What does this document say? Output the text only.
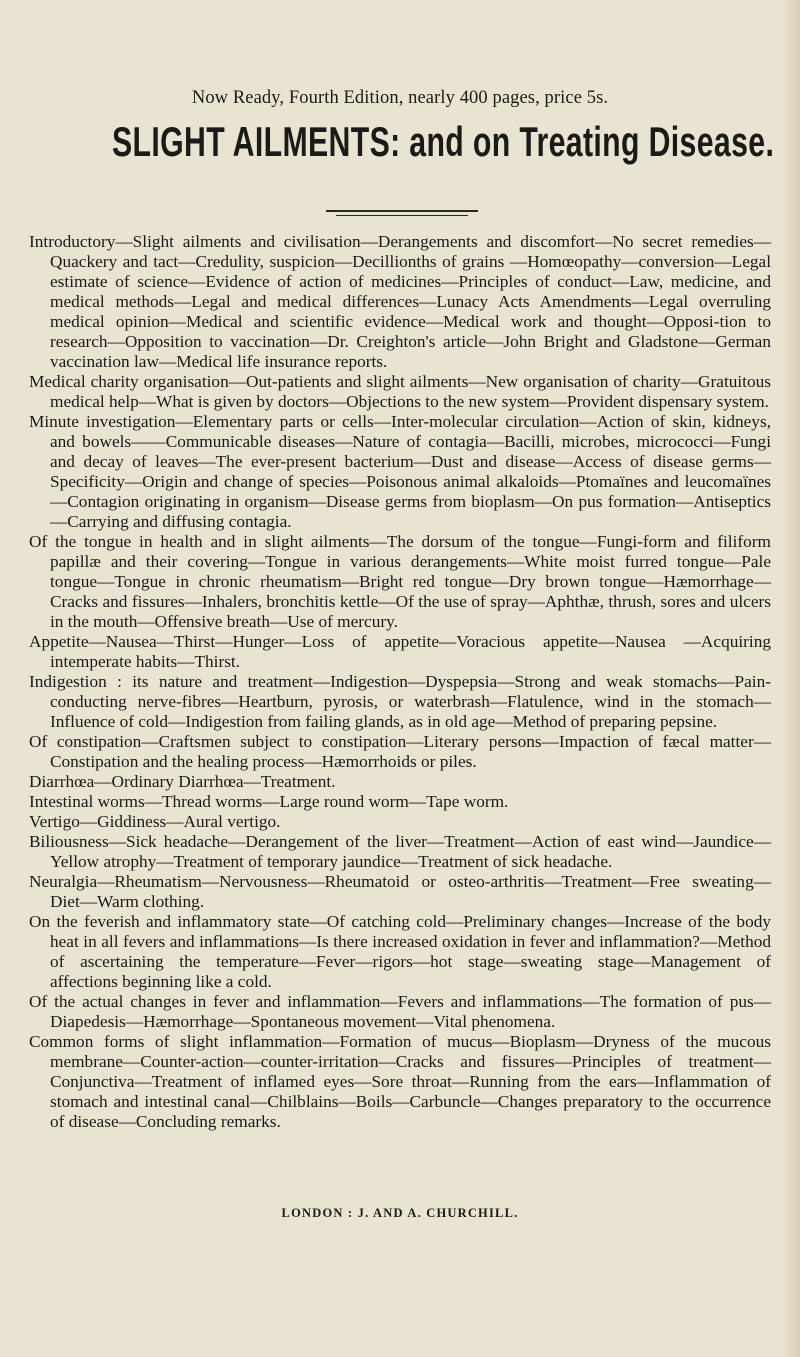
Now Ready, Fourth Edition, nearly 400 pages, price 5s.
SLIGHT AILMENTS: and on Treating Disease.

Introductory—Slight ailments and civilisation—Derangements and discomfort—No secret remedies—Quackery and tact—Credulity, suspicion—Decillionths of grains —Homœopathy—conversion—Legal estimate of science—Evidence of action of medicines—Principles of conduct—Law, medicine, and medical methods—Legal and medical differences—Lunacy Acts Amendments—Legal overruling medical opinion—Medical and scientific evidence—Medical work and thought—Opposi-tion to research—Opposition to vaccination—Dr. Creighton's article—John Bright and Gladstone—German vaccination law—Medical life insurance reports.

Medical charity organisation—Out-patients and slight ailments—New organisation of charity—Gratuitous medical help—What is given by doctors—Objections to the new system—Provident dispensary system.

Minute investigation—Elementary parts or cells—Inter-molecular circulation—Action of skin, kidneys, and bowels——Communicable diseases—Nature of contagia—Bacilli, microbes, micrococci—Fungi and decay of leaves—The ever-present bacterium—Dust and disease—Access of disease germs—Specificity—Origin and change of species—Poisonous animal alkaloids—Ptomaïnes and leucomaïnes—Contagion originating in organism—Disease germs from bioplasm—On pus formation—Antiseptics—Carrying and diffusing contagia.

Of the tongue in health and in slight ailments—The dorsum of the tongue—Fungi-form and filiform papillæ and their covering—Tongue in various derangements—White moist furred tongue—Pale tongue—Tongue in chronic rheumatism—Bright red tongue—Dry brown tongue—Hæmorrhage—Cracks and fissures—Inhalers, bronchitis kettle—Of the use of spray—Aphthæ, thrush, sores and ulcers in the mouth—Offensive breath—Use of mercury.

Appetite—Nausea—Thirst—Hunger—Loss of appetite—Voracious appetite—Nausea —Acquiring intemperate habits—Thirst.

Indigestion : its nature and treatment—Indigestion—Dyspepsia—Strong and weak stomachs—Pain-conducting nerve-fibres—Heartburn, pyrosis, or waterbrash—Flatulence, wind in the stomach—Influence of cold—Indigestion from failing glands, as in old age—Method of preparing pepsine.

Of constipation—Craftsmen subject to constipation—Literary persons—Impaction of fæcal matter—Constipation and the healing process—Hæmorrhoids or piles.

Diarrhœa—Ordinary Diarrhœa—Treatment.

Intestinal worms—Thread worms—Large round worm—Tape worm.

Vertigo—Giddiness—Aural vertigo.

Biliousness—Sick headache—Derangement of the liver—Treatment—Action of east wind—Jaundice—Yellow atrophy—Treatment of temporary jaundice—Treatment of sick headache.

Neuralgia—Rheumatism—Nervousness—Rheumatoid or osteo-arthritis—Treatment—Free sweating—Diet—Warm clothing.

On the feverish and inflammatory state—Of catching cold—Preliminary changes—Increase of the body heat in all fevers and inflammations—Is there increased oxidation in fever and inflammation?—Method of ascertaining the temperature—Fever—rigors—hot stage—sweating stage—Management of affections beginning like a cold.

Of the actual changes in fever and inflammation—Fevers and inflammations—The formation of pus—Diapedesis—Hæmorrhage—Spontaneous movement—Vital phenomena.

Common forms of slight inflammation—Formation of mucus—Bioplasm—Dryness of the mucous membrane—Counter-action—counter-irritation—Cracks and fissures—Principles of treatment—Conjunctiva—Treatment of inflamed eyes—Sore throat—Running from the ears—Inflammation of stomach and intestinal canal—Chilblains—Boils—Carbuncle—Changes preparatory to the occurrence of disease—Concluding remarks.

LONDON : J. AND A. CHURCHILL.
